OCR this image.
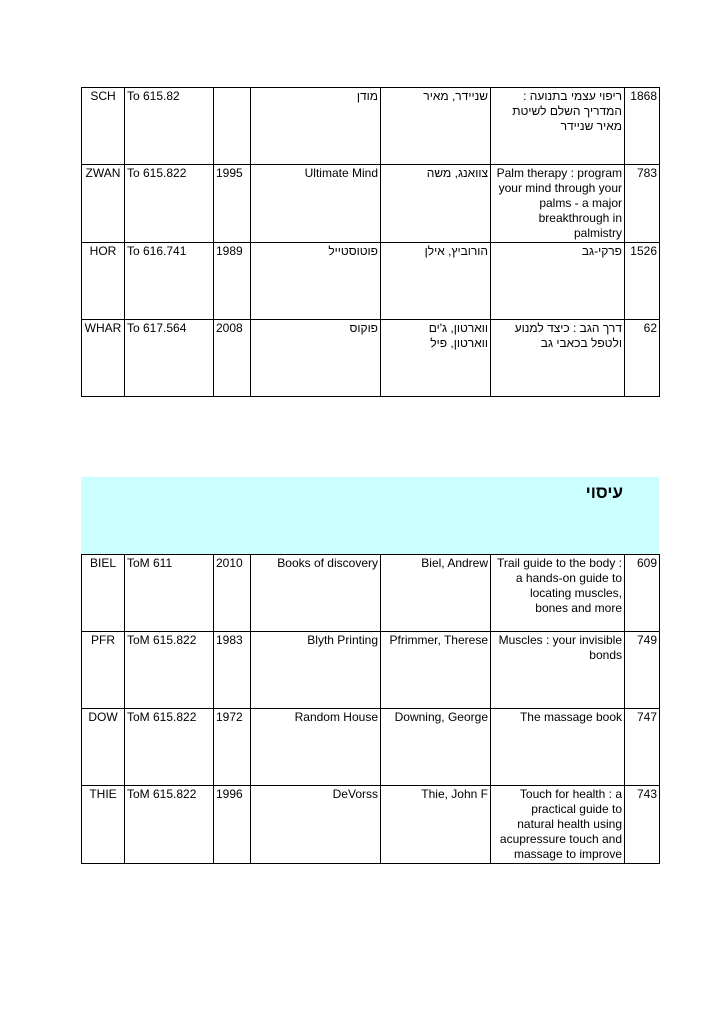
SCH	To 615.82		מודן	שניידר, מאיר	ריפוי עצמי בתנועה :
המדריך השלם לשיטת
מאיר שניידר	1868
ZWAN	To 615.822	1995	Ultimate Mind	צוואנג, משה	Palm therapy : program
your mind through your
palms - a major
breakthrough in
palmistry	783
HOR	To 616.741	1989	פוטוסטייל	הורוביץ, אילן	פרקי-גב	1526
WHAR	To 617.564	2008	פוקוס	ווארטון, ג'ים
ווארטון, פיל	דרך הגב : כיצד למנוע
ולטפל בכאבי גב	62
עיסוי
BIEL	ToM 611	2010	Books of discovery	Biel, Andrew	Trail guide to the body :
a hands-on guide to
locating muscles,
bones and more	609
PFR	ToM 615.822	1983	Blyth Printing	Pfrimmer, Therese	Muscles : your invisible
bonds	749
DOW	ToM 615.822	1972	Random House	Downing, George	The massage book	747
THIE	ToM 615.822	1996	DeVorss	Thie, John F	Touch for health : a
practical guide to
natural health using
acupressure touch and
massage to improve	743
